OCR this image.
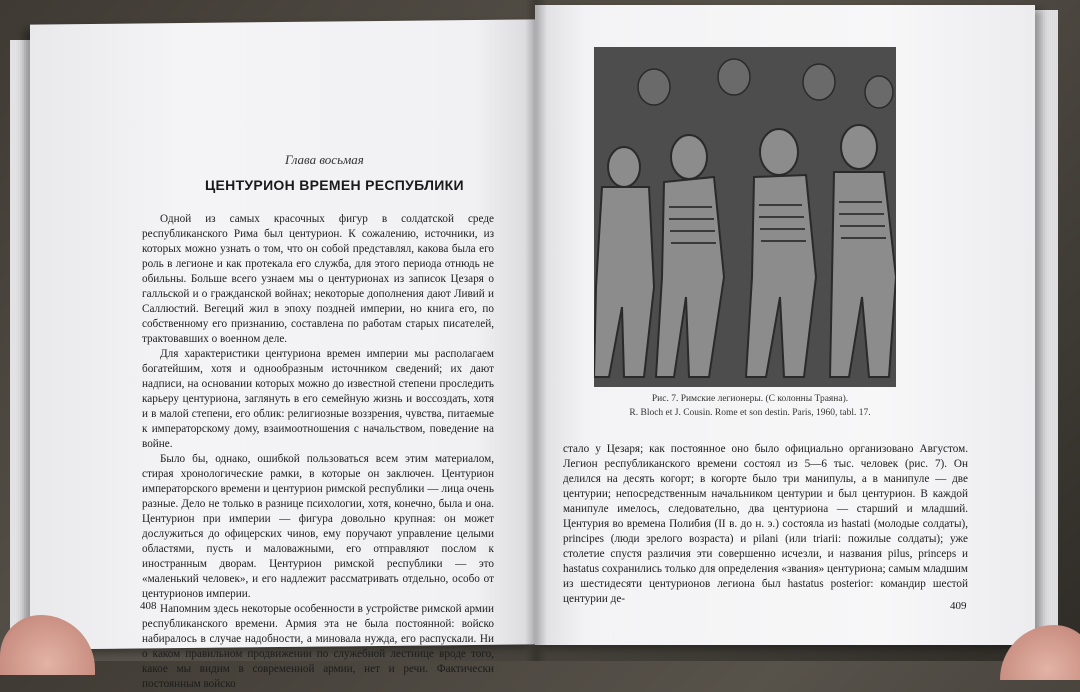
Глава восьмая
ЦЕНТУРИОН ВРЕМЕН РЕСПУБЛИКИ

Одной из самых красочных фигур в солдатской среде республиканского Рима был центурион. К сожалению, источники, из которых можно узнать о том, что он собой представлял, какова была его роль в легионе и как протекала его служба, для этого периода отнюдь не обильны. Больше всего узнаем мы о центурионах из записок Цезаря о галльской и о гражданской войнах; некоторые дополнения дают Ливий и Саллюстий. Вегеций жил в эпоху поздней империи, но книга его, по собственному его признанию, составлена по работам старых писателей, трактовавших о военном деле.

Для характеристики центуриона времен империи мы располагаем богатейшим, хотя и однообразным источником сведений; их дают надписи, на основании которых можно до известной степени проследить карьеру центуриона, заглянуть в его семейную жизнь и воссоздать, хотя и в малой степени, его облик: религиозные воззрения, чувства, питаемые к императорскому дому, взаимоотношения с начальством, поведение на войне.

Было бы, однако, ошибкой пользоваться всем этим материалом, стирая хронологические рамки, в которые он заключен. Центурион императорского времени и центурион римской республики — лица очень разные. Дело не только в разнице психологии, хотя, конечно, была и она. Центурион при империи — фигура довольно крупная: он может дослужиться до офицерских чинов, ему поручают управление целыми областями, пусть и маловажными, его отправляют послом к иностранным дворам. Центурион римской республики — это «маленький человек», и его надлежит рассматривать отдельно, особо от центурионов империи.

Напомним здесь некоторые особенности в устройстве римской армии республиканского времени. Армия эта не была постоянной: войско набиралось в случае надобности, а миновала нужда, его распускали. Ни о каком правильном продвижении по служебной лестнице вроде того, какое мы видим в современной армии, нет и речи. Фактически постоянным войско

408
Рис. 7. Римские легионеры. (С колонны Траяна).
R. Bloch et J. Cousin. Rome et son destin. Paris, 1960, tabl. 17.

стало у Цезаря; как постоянное оно было официально организовано Августом. Легион республиканского времени состоял из 5—6 тыс. человек (рис. 7). Он делился на десять когорт; в когорте было три манипулы, а в манипуле — две центурии; непосредственным начальником центурии и был центурион. В каждой манипуле имелось, следовательно, два центуриона — старший и младший. Центурия во времена Полибия (II в. до н. э.) состояла из hastati (молодые солдаты), principes (люди зрелого возраста) и pilani (или triarii: пожилые солдаты); уже столетие спустя различия эти совершенно исчезли, и названия pilus, princeps и hastatus сохранились только для определения «звания» центуриона; самым младшим из шестидесяти центурионов легиона был hastatus posterior: командир шестой центурии де-

409
